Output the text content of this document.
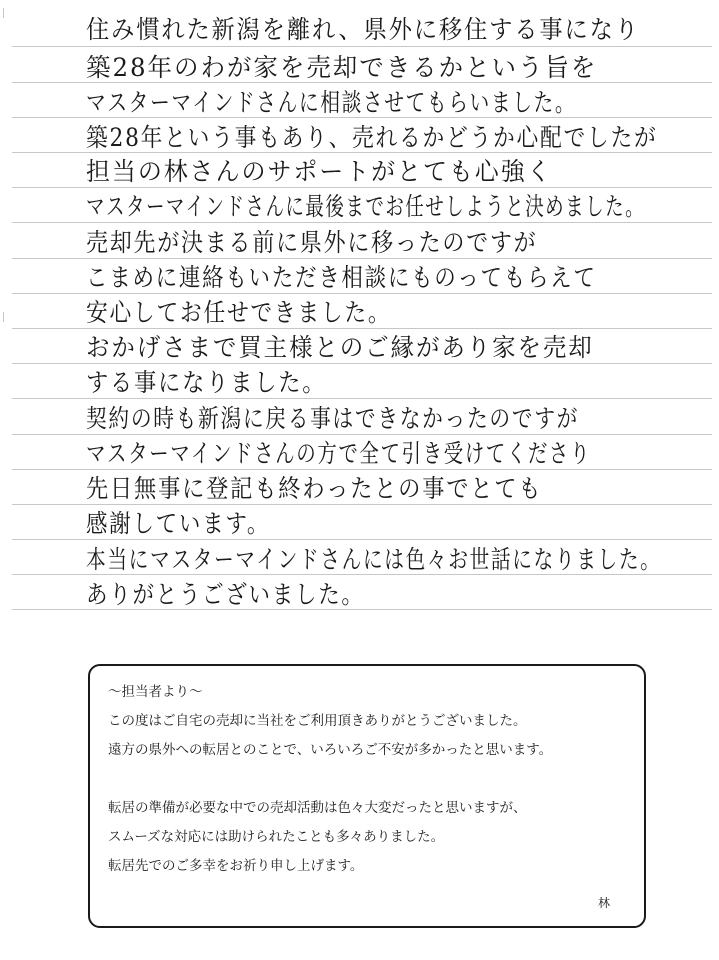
住み慣れた新潟を離れ、県外に移住する事になり
築28年のわが家を売却できるかという旨を
マスターマインドさんに相談させてもらいました。
築28年という事もあり、売れるかどうか心配でしたが
担当の林さんのサポートがとても心強く
マスターマインドさんに最後までお任せしようと決めました。
売却先が決まる前に県外に移ったのですが
こまめに連絡もいただき相談にものってもらえて
安心してお任せできました。
おかげさまで買主様とのご縁があり家を売却
する事になりました。
契約の時も新潟に戻る事はできなかったのですが
マスターマインドさんの方で全て引き受けてくださり
先日無事に登記も終わったとの事でとても
感謝しています。
本当にマスターマインドさんには色々お世話になりました。
ありがとうございました。
～担当者より～
この度はご自宅の売却に当社をご利用頂きありがとうございました。
遠方の県外への転居とのことで、いろいろご不安が多かったと思います。
転居の準備が必要な中での売却活動は色々大変だったと思いますが、
スムーズな対応には助けられたことも多々ありました。
転居先でのご多幸をお祈り申し上げます。
林
